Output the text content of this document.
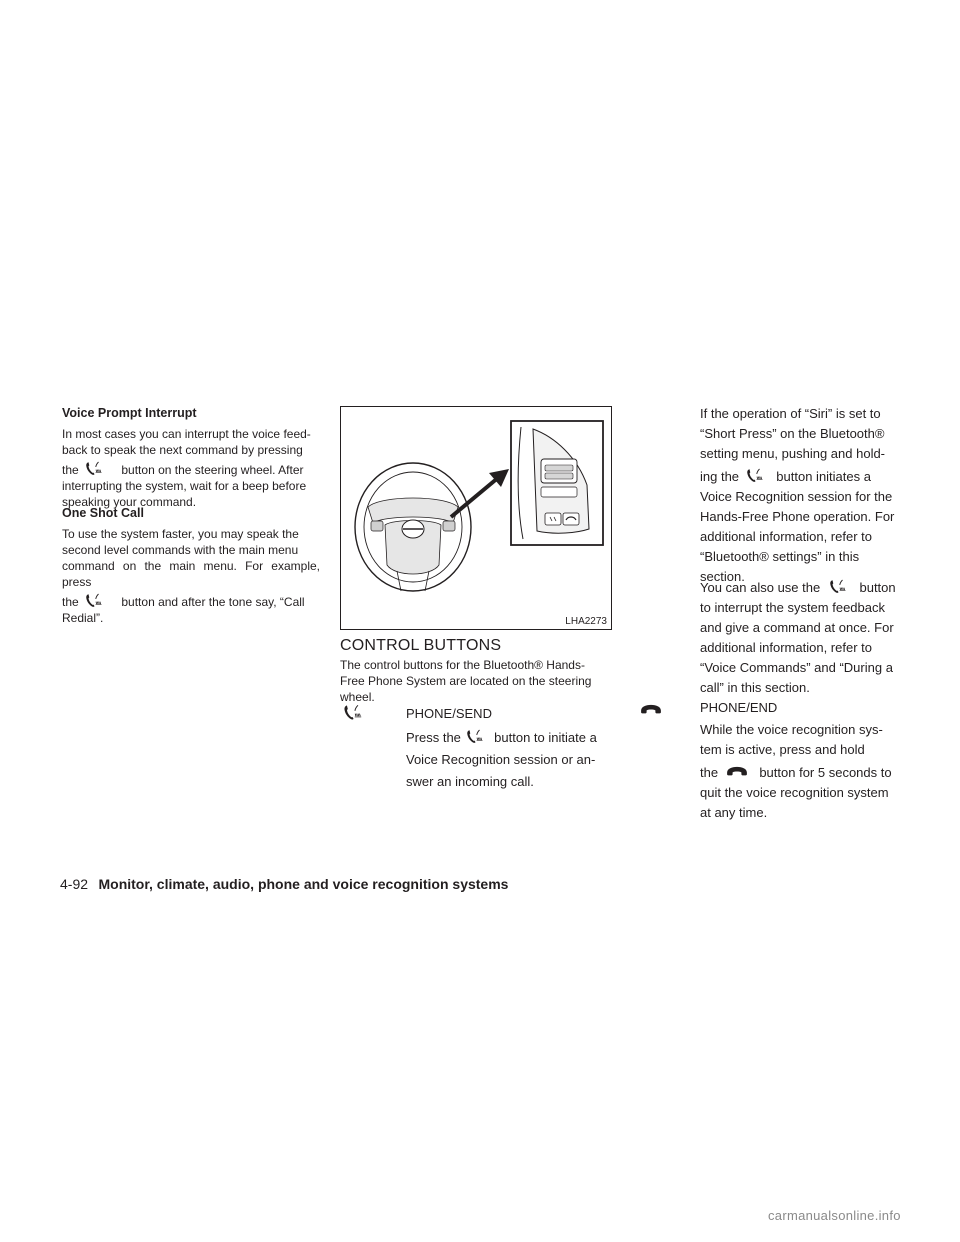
Voice Prompt Interrupt

In most cases you can interrupt the voice feed-
back to speak the next command by pressing
the	button on the steering wheel. After
interrupting the system, wait for a beep before
speaking your command.

One Shot Call

To use the system faster, you may speak the
second level commands with the main menu
command on the main menu. For example, press
the	button and after the tone say, “Call
Redial”.	LHA2273
CONTROL BUTTONS
The control buttons for the Bluetooth® Hands-
Free Phone System are located on the steering
wheel.
PHONE/SEND
Press the	button to initiate a
Voice Recognition session or an-
swer an incoming call.
If the operation of “Siri” is set to
“Short Press” on the Bluetooth®
setting menu, pushing and hold-
ing the	button initiates a
Voice Recognition session for the
Hands-Free Phone operation. For
additional information, refer to
“Bluetooth® settings” in this
section.
You can also use the	button
to interrupt the system feedback
and give a command at once. For
additional information, refer to
“Voice Commands” and “During a
call” in this section.
PHONE/END
While the voice recognition sys-
tem is active, press and hold
the	button for 5 seconds to
quit the voice recognition system
at any time.
4-92 Monitor, climate, audio, phone and voice recognition systems
carmanualsonline.info
